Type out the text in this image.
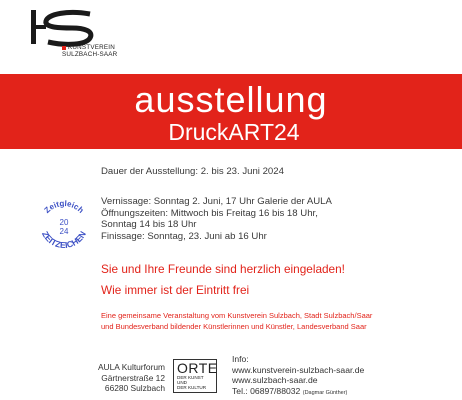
KUNSTVEREIN
SULZBACH-SAAR
ausstellung
DruckART24
Dauer der Ausstellung: 2. bis 23. Juni 2024
Zeitgleich
20
24
ZEITZEICHEN
Vernissage: Sonntag 2. Juni, 17 Uhr Galerie der AULA
Öffnungszeiten: Mittwoch bis Freitag 16 bis 18 Uhr,
Sonntag 14 bis 18 Uhr
Finissage: Sonntag, 23. Juni ab 16 Uhr
Sie und Ihre Freunde sind herzlich eingeladen!
Wie immer ist der Eintritt frei
Eine gemeinsame Veranstaltung vom Kunstverein Sulzbach, Stadt Sulzbach/Saar
und Bundesverband bildender Künstlerinnen und Künstler, Landesverband Saar
AULA Kulturforum
Gärtnerstraße 12
66280 Sulzbach
ORTE
DER KUNST
UND
DER KULTUR
Info:
www.kunstverein-sulzbach-saar.de
www.sulzbach-saar.de
Tel.: 06897/88032 (Dagmar Günther)
